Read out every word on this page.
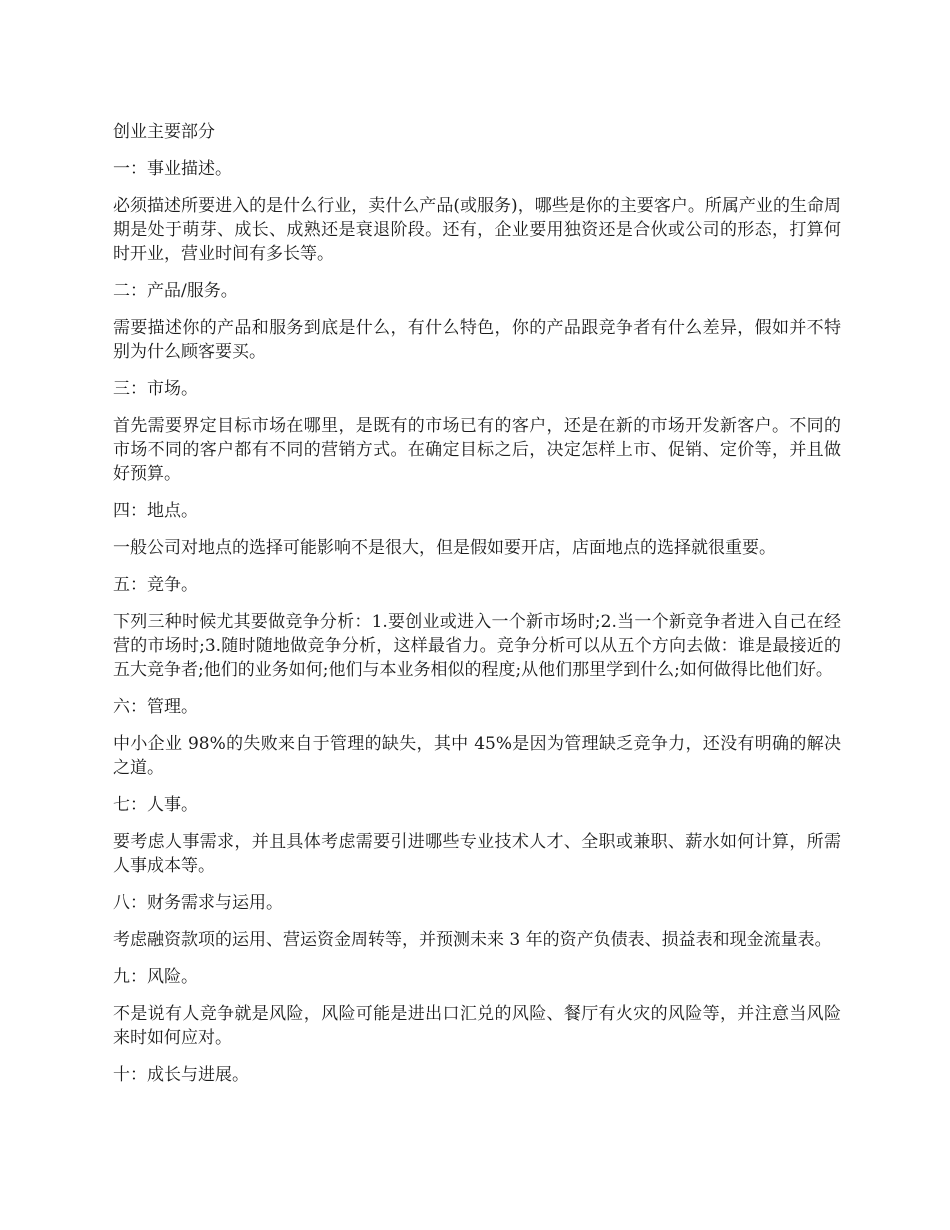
创业主要部分

一：事业描述。

必须描述所要进入的是什么行业，卖什么产品(或服务)，哪些是你的主要客户。所属产业的生命周期是处于萌芽、成长、成熟还是衰退阶段。还有，企业要用独资还是合伙或公司的形态，打算何时开业，营业时间有多长等。

二：产品/服务。

需要描述你的产品和服务到底是什么，有什么特色，你的产品跟竞争者有什么差异，假如并不特别为什么顾客要买。

三：市场。

首先需要界定目标市场在哪里，是既有的市场已有的客户，还是在新的市场开发新客户。不同的市场不同的客户都有不同的营销方式。在确定目标之后，决定怎样上市、促销、定价等，并且做好预算。

四：地点。

一般公司对地点的选择可能影响不是很大，但是假如要开店，店面地点的选择就很重要。

五：竞争。

下列三种时候尤其要做竞争分析：1.要创业或进入一个新市场时;2.当一个新竞争者进入自己在经营的市场时;3.随时随地做竞争分析，这样最省力。竞争分析可以从五个方向去做：谁是最接近的五大竞争者;他们的业务如何;他们与本业务相似的程度;从他们那里学到什么;如何做得比他们好。

六：管理。

中小企业 98%的失败来自于管理的缺失，其中 45%是因为管理缺乏竞争力，还没有明确的解决之道。

七：人事。

要考虑人事需求，并且具体考虑需要引进哪些专业技术人才、全职或兼职、薪水如何计算，所需人事成本等。

八：财务需求与运用。

考虑融资款项的运用、营运资金周转等，并预测未来 3 年的资产负债表、损益表和现金流量表。

九：风险。

不是说有人竞争就是风险，风险可能是进出口汇兑的风险、餐厅有火灾的风险等，并注意当风险来时如何应对。

十：成长与进展。
